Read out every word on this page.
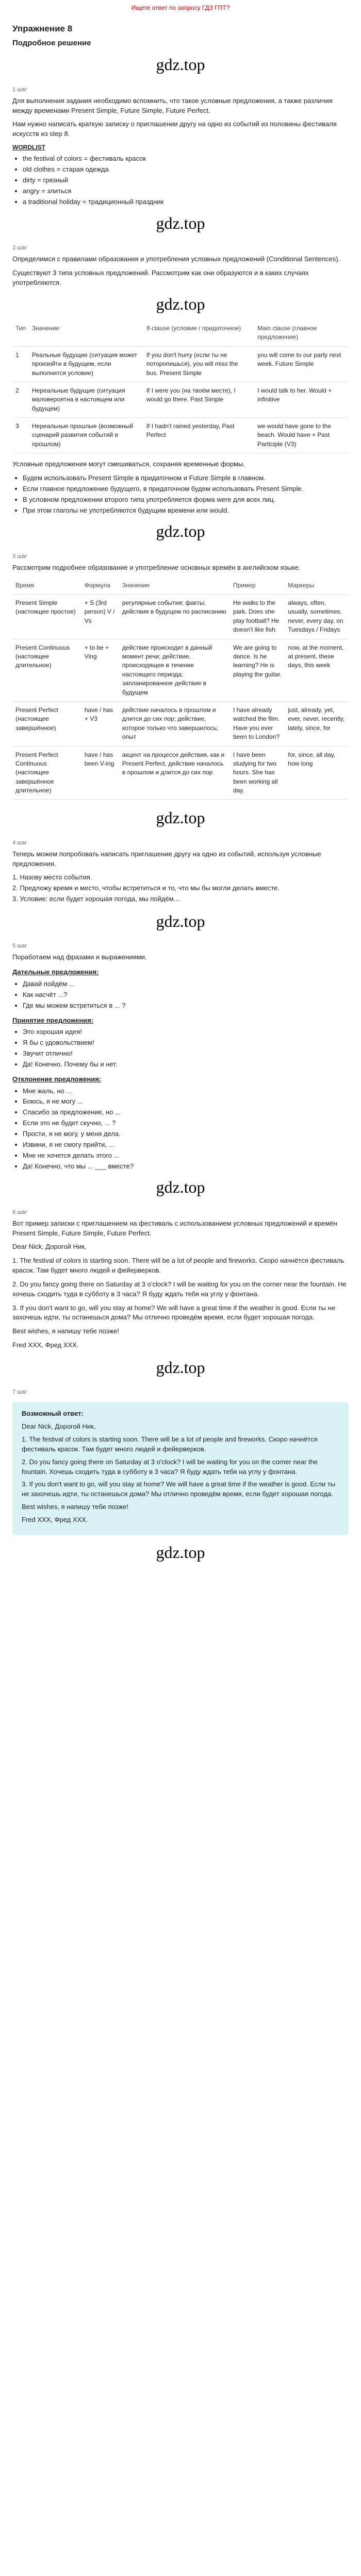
Ищете ответ по запросу ГДЗ ГПТ?
Упражнение 8
Подробное решение
gdz.top
1 шаг

Для выполнения задания необходимо вспомнить, что такое условные предложения, а также различия между временами Present Simple, Future Simple, Future Perfect.

Нам нужно написать краткую записку о приглашении другу на одно из событий из половины фестиваля искусств из step 8.

WORDLIST
• the festival of colors = фестиваль красок
• old clothes = старая одежда
• dirty = грязный
• angry = злиться
• a traditional holiday = традиционный праздник
gdz.top
2 шаг

Определимся с правилами образования и употребления условных предложений (Conditional Sentences).

Существуют 3 типа условных предложений. Рассмотрим как они образуются и в каких случаях употребляются.

gdz.top
Тип	Значение	If-clause (условие / придаточное)	Main clause (главное предложение)
1	Реальные будущие (ситуация может произойти в будущем, если выполнится условие)	If you don't hurry (если ты не поторопишься), you will miss the bus. Present Simple	you will come to our party next week. Future Simple
2	Нереальные будущие (ситуация маловероятна в настоящем или будущем)	If I were you (на твоём месте), I would go there. Past Simple	I would talk to her. Would + infinitive
3	Нереальные прошлые (возможный сценарий развития событий в прошлом)	If I hadn't rained yesterday, Past Perfect	we would have gone to the beach. Would have + Past Participle (V3)

Условные предложения могут смешиваться, сохраняя временные формы.

• Будем использовать Present Simple в придаточном и Future Simple в главном.
• Если главное предложение будущего, в придаточном будем использовать Present Simple.
• В условном предложении второго типа употребляется форма were для всех лиц.
• При этом глаголы не употребляются будущим времени или would.
gdz.top
3 шаг

Рассмотрим подробнее образование и употребление основных времён в английском языке.

Время	Формула	Значение	Пример	Маркеры
Present Simple (настоящее простое)	+ S (3rd person) V / Vs	регулярные события; факты; действия в будущем по расписанию	He walks to the park. Does she play football? He doesn't like fish.	always, often, usually, sometimes, never, every day, on Tuesdays / Fridays
Present Continuous (настоящее длительное)	+ to be + Ving	действие происходит в данный момент речи; действие, происходящее в течение настоящего периода; запланированное действие в будущем	We are going to dance. Is he learning? He is playing the guitar.	now, at the moment, at present, these days, this week
Present Perfect (настоящее завершённое)	have / has + V3	действие началось в прошлом и длится до сих пор; действие, которое только что завершилось; опыт	I have already watched the film. Have you ever been to London?	just, already, yet, ever, never, recently, lately, since, for
Present Perfect Continuous (настоящее завершённое длительное)	have / has been V-ing	акцент на процессе действия, как и Present Perfect, действие началось в прошлом и длится до сих пор	I have been studying for two hours. She has been working all day.	for, since, all day, how long
gdz.top
4 шаг

Теперь можем попробовать написать приглашение другу на одно из событий, используя условные предложения.

1. Назову место события.
2. Предложу время и место, чтобы встретиться и то, что мы бы могли делать вместе.
3. Условие: если будет хорошая погода, мы пойдём...
gdz.top
5 шаг

Поработаем над фразами и выражениями.

Дательные предложения:
• Давай пойдём ...
• Как насчёт ...?
• Где мы можем встретиться в ... ?
Принятие предложения:
• Это хорошая идея!
• Я бы с удовольствием!
• Звучит отлично!
• Да! Конечно. Почему бы и нет.
Отклонение предложения:
• Мне жаль, но ...
• Боюсь, я не могу ...
• Спасибо за предложение, но ...
• Если это не будет скучно, ... ?
• Прости, я не могу, у меня дела.
• Извини, я не смогу прийти, ...
• Мне не хочется делать этого ...
• Да! Конечно, что мы ... ___ вместе?
gdz.top
6 шаг

Вот пример записки с приглашением на фестиваль с использованием условных предложений и времён Present Simple, Future Simple, Future Perfect.

Dear Nick, Дорогой Ник,

1. The festival of colors is starting soon. There will be a lot of people and fireworks. Скоро начнётся фестиваль красок. Там будет много людей и фейерверков.

2. Do you fancy going there on Saturday at 3 o'clock? I will be waiting for you on the corner near the fountain. Не хочешь сходить туда в субботу в 3 часа? Я буду ждать тебя на углу у фонтана.

3. If you don't want to go, will you stay at home? We will have a great time if the weather is good. Если ты не захочешь идти, ты останешься дома? Мы отлично проведём время, если будет хорошая погода.

Best wishes, я напишу тебе позже!

Fred XXX, Фред XXX.

gdz.top
7 шаг
Возможный ответ:

Dear Nick, Дорогой Ник,

1. The festival of colors is starting soon. There will be a lot of people and fireworks. Скоро начнётся фестиваль красок. Там будет много людей и фейерверков.

2. Do you fancy going there on Saturday at 3 o'clock? I will be waiting for you on the corner near the fountain. Хочешь сходить туда в субботу в 3 часа? Я буду ждать тебя на углу у фонтана.

3. If you don't want to go, will you stay at home? We will have a great time if the weather is good. Если ты не захочешь идти, ты останешься дома? Мы отлично проведём время, если будет хорошая погода.

Best wishes, я напишу тебе позже!

Fred XXX, Фред XXX.

gdz.top
